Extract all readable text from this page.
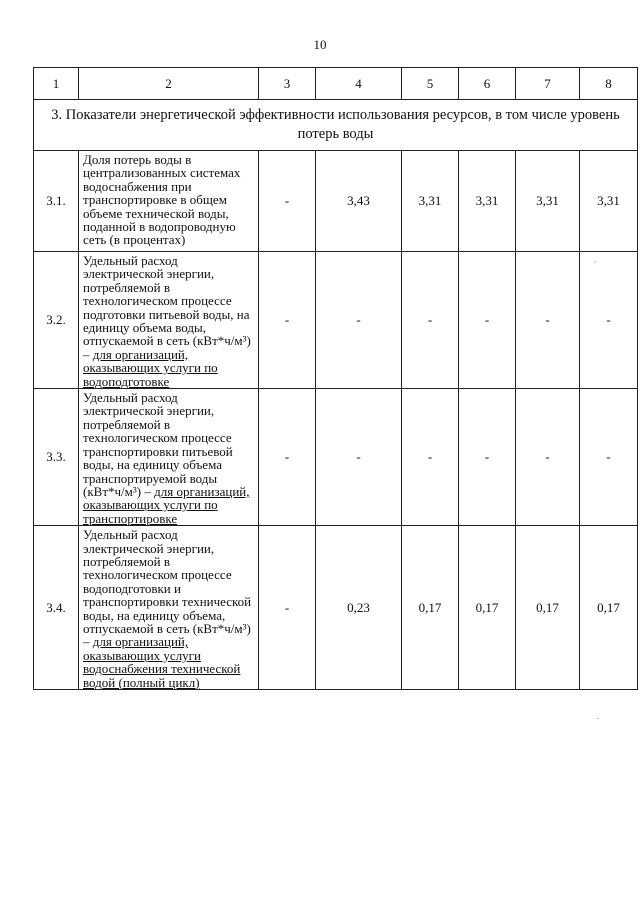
10
1	2	3	4	5	6	7	8
3. Показатели энергетической эффективности использования ресурсов, в том числе уровень потерь воды							
3.1.	Доля потерь воды в централизованных системах водоснабжения при транспортировке в общем объеме технической воды, поданной в водопроводную сеть (в процентах)	-	3,43	3,31	3,31	3,31	3,31
3.2.	Удельный расход электрической энергии, потребляемой в технологическом процессе подготовки питьевой воды, на единицу объема воды, отпускаемой в сеть (кВт*ч/м³) – для организаций, оказывающих услуги по водоподготовке	-	-	-	-	-	-
3.3.	Удельный расход электрической энергии, потребляемой в технологическом процессе транспортировки питьевой воды, на единицу объема транспортируемой воды (кВт*ч/м³) – для организаций, оказывающих услуги по транспортировке	-	-	-	-	-	-
3.4.	Удельный расход электрической энергии, потребляемой в технологическом процессе водоподготовки и транспортировки технической воды, на единицу объема, отпускаемой в сеть (кВт*ч/м³) – для организаций, оказывающих услуги водоснабжения технической водой (полный цикл)	-	0,23	0,17	0,17	0,17	0,17
.
·
